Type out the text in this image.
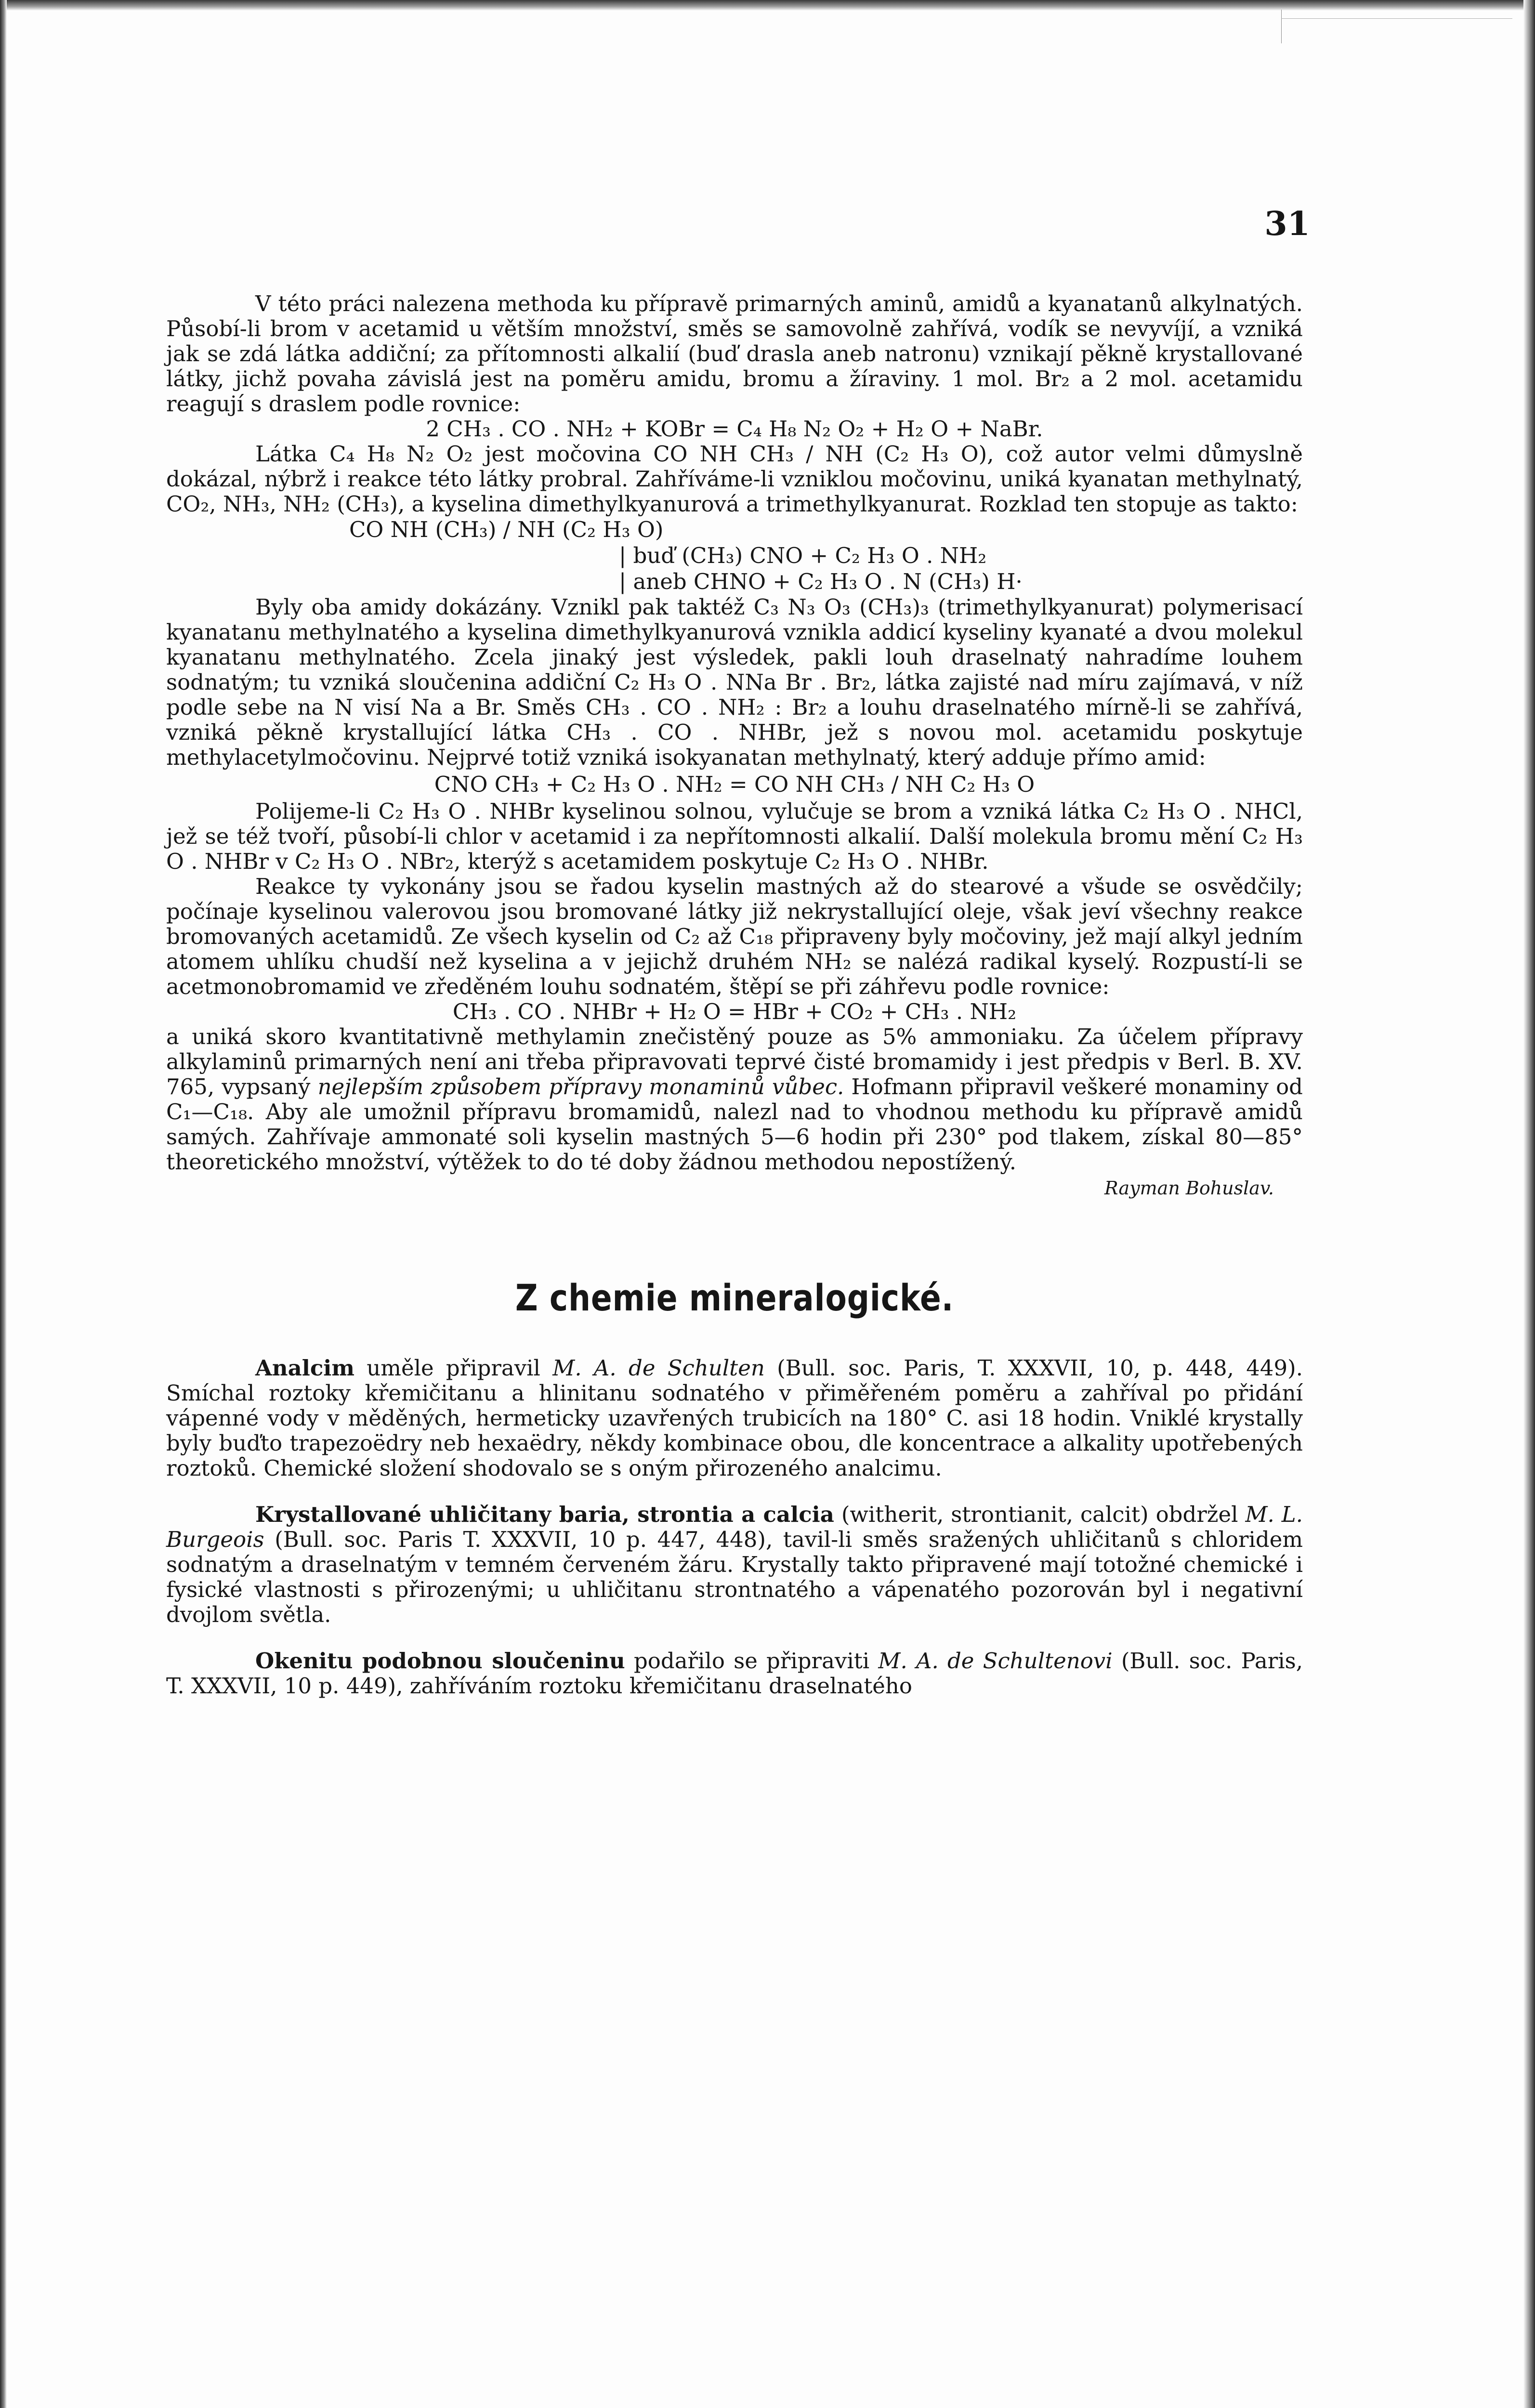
31

V této práci nalezena methoda ku přípravě primarných aminů, amidů a kyanatanů alkylnatých. Působí-li brom v acetamid u větším množství, směs se samovolně zahřívá, vodík se nevyvíjí, a vzniká jak se zdá látka addiční; za přítomnosti alkalií (buď drasla aneb natronu) vznikají pěkně krystallované látky, jichž povaha závislá jest na poměru amidu, bromu a žíraviny. 1 mol. Br₂ a 2 mol. acetamidu reagují s draslem podle rovnice:

2 CH₃ . CO . NH₂ + KOBr = C₄ H₈ N₂ O₂ + H₂ O + NaBr.

Látka C₄ H₈ N₂ O₂ jest močovina CO NH CH₃ / NH (C₂ H₃ O), což autor velmi důmyslně dokázal, nýbrž i reakce této látky probral. Zahříváme-li vzniklou močovinu, uniká kyanatan methylnatý, CO₂, NH₃, NH₂ (CH₃), a kyselina dimethylkyanurová a trimethylkyanurat. Rozklad ten stopuje as takto:

CO NH (CH₃) / NH (C₂ H₃ O)
| buď (CH₃) CNO + C₂ H₃ O . NH₂
| aneb CHNO + C₂ H₃ O . N (CH₃) H·

Byly oba amidy dokázány. Vznikl pak taktéž C₃ N₃ O₃ (CH₃)₃ (trimethylkyanurat) polymerisací kyanatanu methylnatého a kyselina dimethylkyanurová vznikla addicí kyseliny kyanaté a dvou molekul kyanatanu methylnatého. Zcela jinaký jest výsledek, pakli louh draselnatý nahradíme louhem sodnatým; tu vzniká sloučenina addiční C₂ H₃ O . NNa Br . Br₂, látka zajisté nad míru zajímavá, v níž podle sebe na N visí Na a Br. Směs CH₃ . CO . NH₂ : Br₂ a louhu draselnatého mírně-li se zahřívá, vzniká pěkně krystallující látka CH₃ . CO . NHBr, jež s novou mol. acetamidu poskytuje methylacetylmočovinu. Nejprvé totiž vzniká isokyanatan methylnatý, který adduje přímo amid:

CNO CH₃ + C₂ H₃ O . NH₂ = CO NH CH₃ / NH C₂ H₃ O

Polijeme-li C₂ H₃ O . NHBr kyselinou solnou, vylučuje se brom a vzniká látka C₂ H₃ O . NHCl, jež se též tvoří, působí-li chlor v acetamid i za nepřítomnosti alkalií. Další molekula bromu mění C₂ H₃ O . NHBr v C₂ H₃ O . NBr₂, kterýž s acetamidem poskytuje C₂ H₃ O . NHBr.

Reakce ty vykonány jsou se řadou kyselin mastných až do stearové a všude se osvědčily; počínaje kyselinou valerovou jsou bromované látky již nekrystallující oleje, však jeví všechny reakce bromovaných acetamidů. Ze všech kyselin od C₂ až C₁₈ připraveny byly močoviny, jež mají alkyl jedním atomem uhlíku chudší než kyselina a v jejichž druhém NH₂ se nalézá radikal kyselý. Rozpustí-li se acetmonobromamid ve zředěném louhu sodnatém, štěpí se při záhřevu podle rovnice:

CH₃ . CO . NHBr + H₂ O = HBr + CO₂ + CH₃ . NH₂

a uniká skoro kvantitativně methylamin znečistěný pouze as 5% ammoniaku. Za účelem přípravy alkylaminů primarných není ani třeba připravovati teprvé čisté bromamidy i jest předpis v Berl. B. XV. 765, vypsaný nejlepším způsobem přípravy monaminů vůbec. Hofmann připravil veškeré monaminy od C₁—C₁₈. Aby ale umožnil přípravu bromamidů, nalezl nad to vhodnou methodu ku přípravě amidů samých. Zahřívaje ammonaté soli kyselin mastných 5—6 hodin při 230° pod tlakem, získal 80—85° theoretického množství, výtěžek to do té doby žádnou methodou nepostížený.

Rayman Bohuslav.
Z chemie mineralogické.

Analcim uměle připravil M. A. de Schulten (Bull. soc. Paris, T. XXXVII, 10, p. 448, 449). Smíchal roztoky křemičitanu a hlinitanu sodnatého v přiměřeném poměru a zahříval po přidání vápenné vody v měděných, hermeticky uzavřených trubicích na 180° C. asi 18 hodin. Vniklé krystally byly buďto trapezoëdry neb hexaëdry, někdy kombinace obou, dle koncentrace a alkality upotřebených roztoků. Chemické složení shodovalo se s oným přirozeného analcimu.

Krystallované uhličitany baria, strontia a calcia (witherit, strontianit, calcit) obdržel M. L. Burgeois (Bull. soc. Paris T. XXXVII, 10 p. 447, 448), tavil-li směs sražených uhličitanů s chloridem sodnatým a draselnatým v temném červeném žáru. Krystally takto připravené mají totožné chemické i fysické vlastnosti s přirozenými; u uhličitanu strontnatého a vápenatého pozorován byl i negativní dvojlom světla.

Okenitu podobnou sloučeninu podařilo se připraviti M. A. de Schultenovi (Bull. soc. Paris, T. XXXVII, 10 p. 449), zahříváním roztoku křemičitanu draselnatého
